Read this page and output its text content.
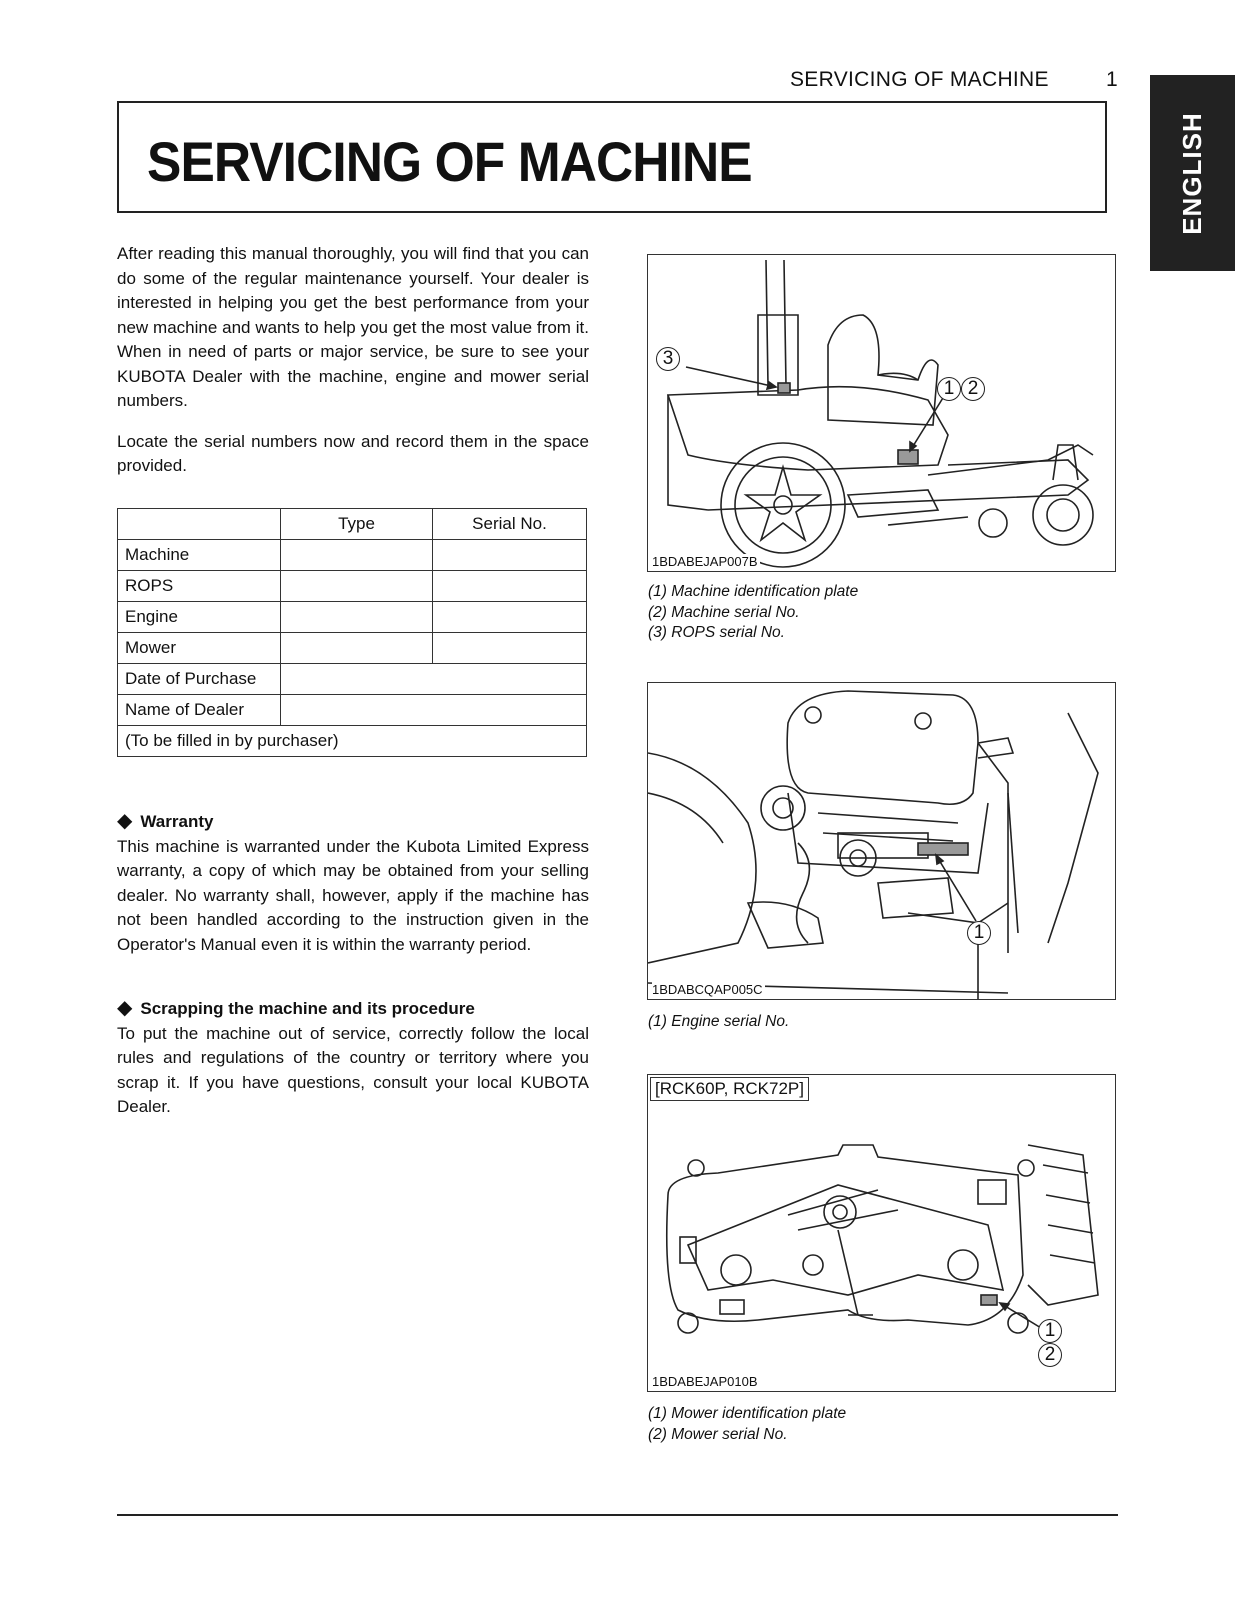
SERVICING OF MACHINE	1
ENGLISH
SERVICING OF MACHINE

After reading this manual thoroughly, you will find that you can do some of the regular maintenance yourself. Your dealer is interested in helping you get the best performance from your new machine and wants to help you get the most value from it. When in need of parts or major service, be sure to see your KUBOTA Dealer with the machine, engine and mower serial numbers.

Locate the serial numbers now and record them in the space provided.

	Type	Serial No.
Machine		
ROPS		
Engine		
Mower		
Date of Purchase		
Name of Dealer		
(To be filled in by purchaser)		
◆ Warranty

This machine is warranted under the Kubota Limited Express warranty, a copy of which may be obtained from your selling dealer. No warranty shall, however, apply if the machine has not been handled according to the instruction given in the Operator's Manual even it is within the warranty period.

◆ Scrapping the machine and its procedure

To put the machine out of service, correctly follow the local rules and regulations of the country or territory where you scrap it. If you have questions, consult your local KUBOTA Dealer.

3
1 2
1BDABEJAP007B
(1) Machine identification plate
(2) Machine serial No.
(3) ROPS serial No.
1
1BDABCQAP005C
(1) Engine serial No.
[RCK60P, RCK72P]
1
2
1BDABEJAP010B
(1) Mower identification plate
(2) Mower serial No.
